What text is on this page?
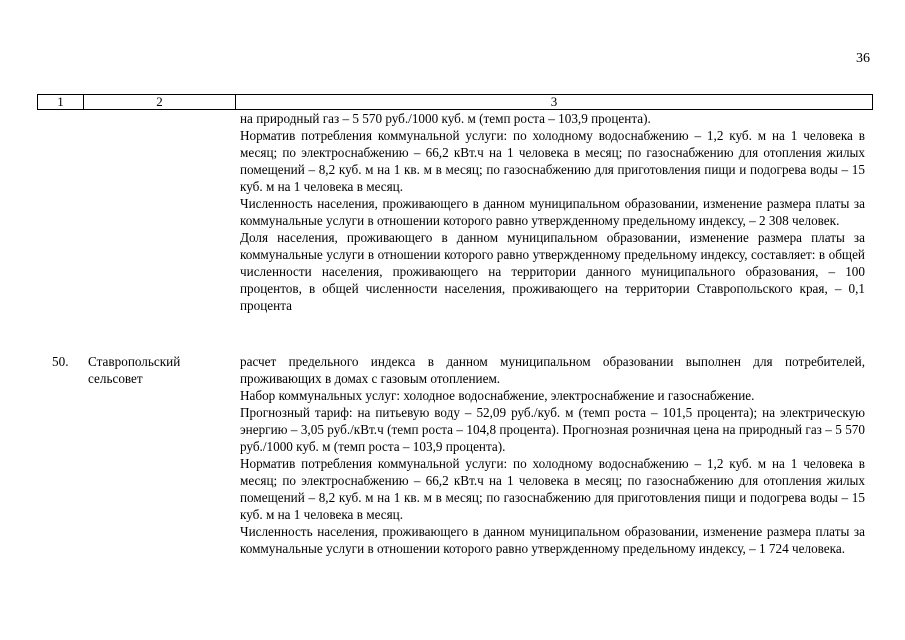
36
1	2	3

на природный газ – 5 570 руб./1000 куб. м (темп роста – 103,9 процента).

Норматив потребления коммунальной услуги: по холодному водоснабжению – 1,2 куб. м на 1 человека в месяц; по электроснабжению – 66,2 кВт.ч на 1 человека в месяц; по газоснабжению для отопления жилых помещений – 8,2 куб. м на 1 кв. м в месяц; по газоснабжению для приготовления пищи и подогрева воды – 15 куб. м на 1 человека в месяц.

Численность населения, проживающего в данном муниципальном образовании, изменение размера платы за коммунальные услуги в отношении которого равно утвержденному предельному индексу, – 2 308 человек.

Доля населения, проживающего в данном муниципальном образовании, изменение размера платы за коммунальные услуги в отношении которого равно утвержденному предельному индексу, составляет: в общей численности населения, проживающего на территории данного муниципального образования, – 100 процентов, в общей численности населения, проживающего на территории Ставропольского края, – 0,1 процента

50. Ставропольский сельсовет

расчет предельного индекса в данном муниципальном образовании выполнен для потребителей, проживающих в домах с газовым отоплением.

Набор коммунальных услуг: холодное водоснабжение, электроснабжение и газоснабжение.

Прогнозный тариф: на питьевую воду – 52,09 руб./куб. м (темп роста – 101,5 процента); на электрическую энергию – 3,05 руб./кВт.ч (темп роста – 104,8 процента). Прогнозная розничная цена на природный газ – 5 570 руб./1000 куб. м (темп роста – 103,9 процента).

Норматив потребления коммунальной услуги: по холодному водоснабжению – 1,2 куб. м на 1 человека в месяц; по электроснабжению – 66,2 кВт.ч на 1 человека в месяц; по газоснабжению для отопления жилых помещений – 8,2 куб. м на 1 кв. м в месяц; по газоснабжению для приготовления пищи и подогрева воды – 15 куб. м на 1 человека в месяц.

Численность населения, проживающего в данном муниципальном образовании, изменение размера платы за коммунальные услуги в отношении которого равно утвержденному предельному индексу, – 1 724 человека.
